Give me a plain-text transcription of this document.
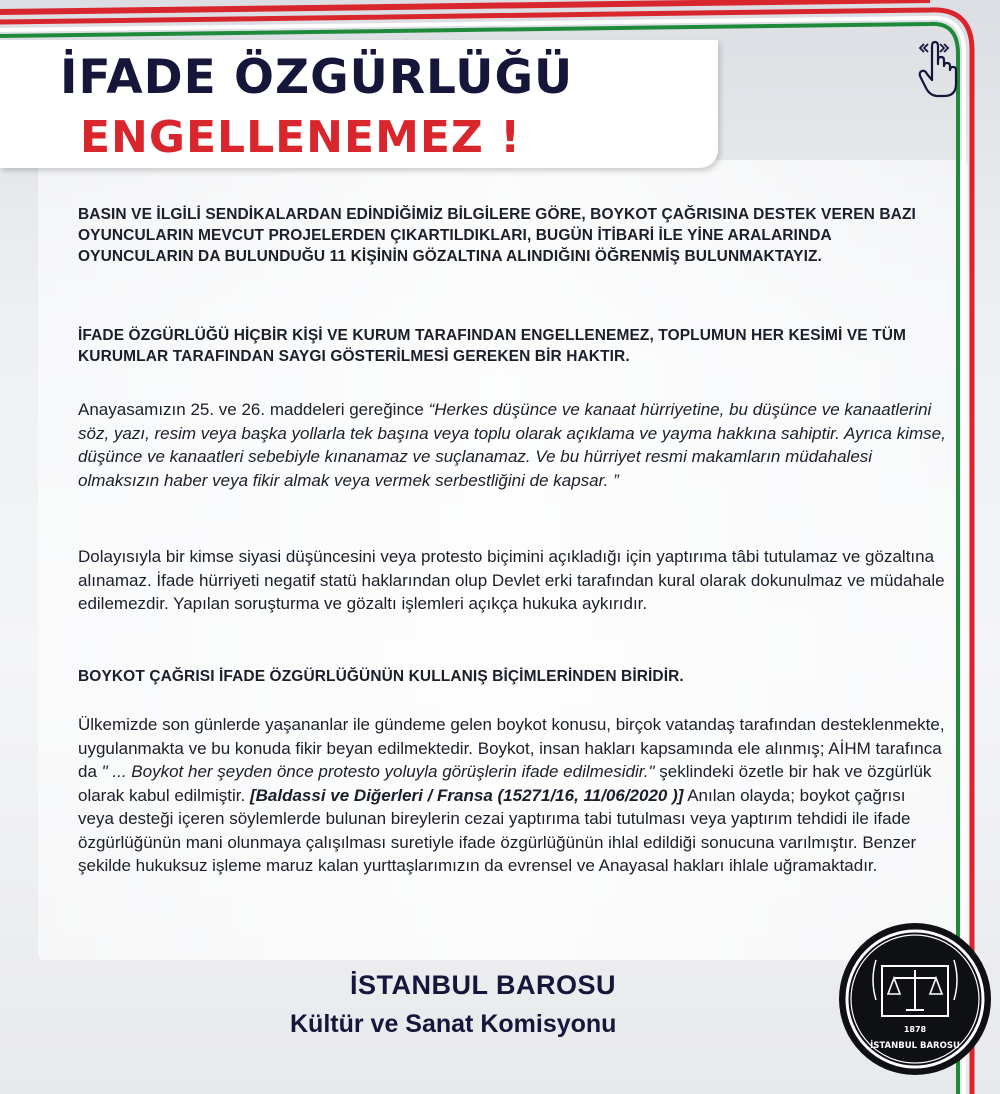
İFADE ÖZGÜRLÜĞÜ
ENGELLENEMEZ !
BASIN VE İLGİLİ SENDİKALARDAN EDİNDİĞİMİZ BİLGİLERE GÖRE, BOYKOT ÇAĞRISINA DESTEK VEREN BAZI OYUNCULARIN MEVCUT PROJELERDEN ÇIKARTILDIKLARI, BUGÜN İTİBARİ İLE YİNE ARALARINDA OYUNCULARIN DA BULUNDUĞU 11 KİŞİNİN GÖZALTINA ALINDIĞINI ÖĞRENMİŞ BULUNMAKTAYIZ.
İFADE ÖZGÜRLÜĞÜ HİÇBİR KİŞİ VE KURUM TARAFINDAN ENGELLENEMEZ, TOPLUMUN HER KESİMİ VE TÜM KURUMLAR TARAFINDAN SAYGI GÖSTERİLMESİ GEREKEN BİR HAKTIR.
Anayasamızın 25. ve 26. maddeleri gereğince “Herkes düşünce ve kanaat hürriyetine, bu düşünce ve kanaatlerini söz, yazı, resim veya başka yollarla tek başına veya toplu olarak açıklama ve yayma hakkına sahiptir. Ayrıca kimse, düşünce ve kanaatleri sebebiyle kınanamaz ve suçlanamaz. Ve bu hürriyet resmi makamların müdahalesi olmaksızın haber veya fikir almak veya vermek serbestliğini de kapsar. ”
Dolayısıyla bir kimse siyasi düşüncesini veya protesto biçimini açıkladığı için yaptırıma tâbi tutulamaz ve gözaltına alınamaz. İfade hürriyeti negatif statü haklarından olup Devlet erki tarafından kural olarak dokunulmaz ve müdahale edilemezdir. Yapılan soruşturma ve gözaltı işlemleri açıkça hukuka aykırıdır.
BOYKOT ÇAĞRISI İFADE ÖZGÜRLÜĞÜNÜN KULLANIŞ BİÇİMLERİNDEN BİRİDİR.
Ülkemizde son günlerde yaşananlar ile gündeme gelen boykot konusu, birçok vatandaş tarafından desteklenmekte, uygulanmakta ve bu konuda fikir beyan edilmektedir. Boykot, insan hakları kapsamında ele alınmış; AİHM tarafınca da " ... Boykot her şeyden önce protesto yoluyla görüşlerin ifade edilmesidir." şeklindeki özetle bir hak ve özgürlük olarak kabul edilmiştir. [Baldassi ve Diğerleri / Fransa (15271/16, 11/06/2020 )] Anılan olayda; boykot çağrısı veya desteği içeren söylemlerde bulunan bireylerin cezai yaptırıma tabi tutulması veya yaptırım tehdidi ile ifade özgürlüğünün mani olunmaya çalışılması suretiyle ifade özgürlüğünün ihlal edildiği sonucuna varılmıştır. Benzer şekilde hukuksuz işleme maruz kalan yurttaşlarımızın da evrensel ve Anayasal hakları ihlale uğramaktadır.
İSTANBUL BAROSU
Kültür ve Sanat Komisyonu	1878
İSTANBUL BAROSU
